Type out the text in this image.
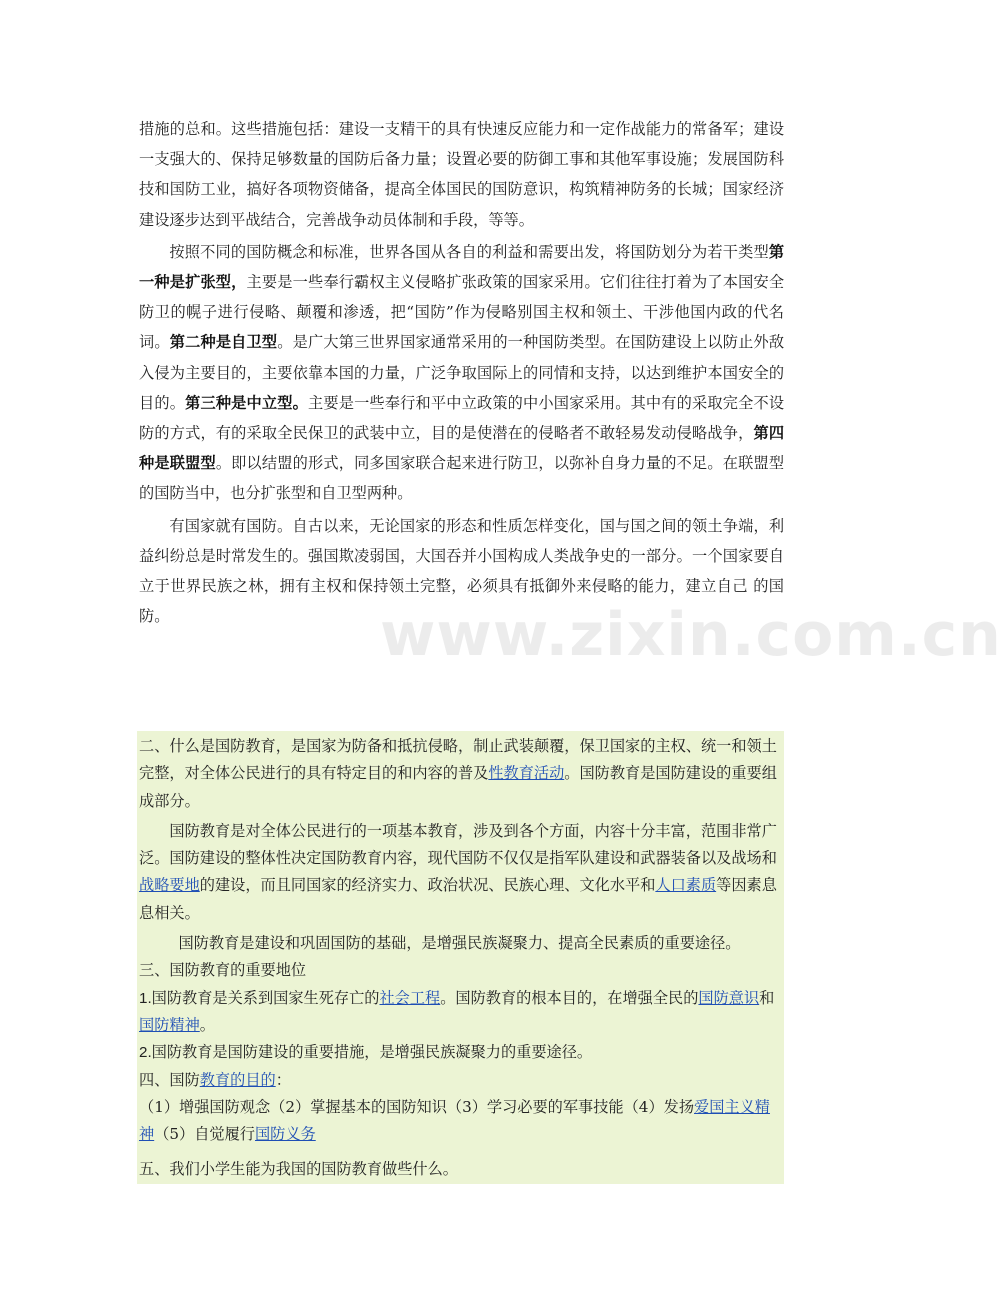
www.zixin.com.cn

措施的总和。这些措施包括：建设一支精干的具有快速反应能力和一定作战能力的常备军；建设一支强大的、保持足够数量的国防后备力量；设置必要的防御工事和其他军事设施；发展国防科技和国防工业，搞好各项物资储备，提高全体国民的国防意识，构筑精神防务的长城；国家经济建设逐步达到平战结合，完善战争动员体制和手段，等等。

按照不同的国防概念和标准，世界各国从各自的利益和需要出发，将国防划分为若干类型第一种是扩张型，主要是一些奉行霸权主义侵略扩张政策的国家采用。它们往往打着为了本国安全防卫的幌子进行侵略、颠覆和渗透，把“国防”作为侵略别国主权和领土、干涉他国内政的代名词。第二种是自卫型。是广大第三世界国家通常采用的一种国防类型。在国防建设上以防止外敌入侵为主要目的，主要依靠本国的力量，广泛争取国际上的同情和支持，以达到维护本国安全的目的。第三种是中立型。主要是一些奉行和平中立政策的中小国家采用。其中有的采取完全不设防的方式，有的采取全民保卫的武装中立，目的是使潜在的侵略者不敢轻易发动侵略战争，第四种是联盟型。即以结盟的形式，同多国家联合起来进行防卫，以弥补自身力量的不足。在联盟型的国防当中，也分扩张型和自卫型两种。

有国家就有国防。自古以来，无论国家的形态和性质怎样变化，国与国之间的领土争端，利益纠纷总是时常发生的。强国欺凌弱国，大国吞并小国构成人类战争史的一部分。一个国家要自立于世界民族之林，拥有主权和保持领土完整，必须具有抵御外来侵略的能力，建立自己 的国防。

二、什么是国防教育，是国家为防备和抵抗侵略，制止武装颠覆，保卫国家的主权、统一和领土完整，对全体公民进行的具有特定目的和内容的普及性教育活动。国防教育是国防建设的重要组成部分。

国防教育是对全体公民进行的一项基本教育，涉及到各个方面，内容十分丰富，范围非常广泛。国防建设的整体性决定国防教育内容，现代国防不仅仅是指军队建设和武器装备以及战场和战略要地的建设，而且同国家的经济实力、政治状况、民族心理、文化水平和人口素质等因素息息相关。

国防教育是建设和巩固国防的基础，是增强民族凝聚力、提高全民素质的重要途径。

三、国防教育的重要地位

1.国防教育是关系到国家生死存亡的社会工程。国防教育的根本目的，在增强全民的国防意识和国防精神。

2.国防教育是国防建设的重要措施，是增强民族凝聚力的重要途径。

四、国防教育的目的：

（1）增强国防观念（2）掌握基本的国防知识（3）学习必要的军事技能（4）发扬爱国主义精神（5）自觉履行国防义务

五、我们小学生能为我国的国防教育做些什么。
